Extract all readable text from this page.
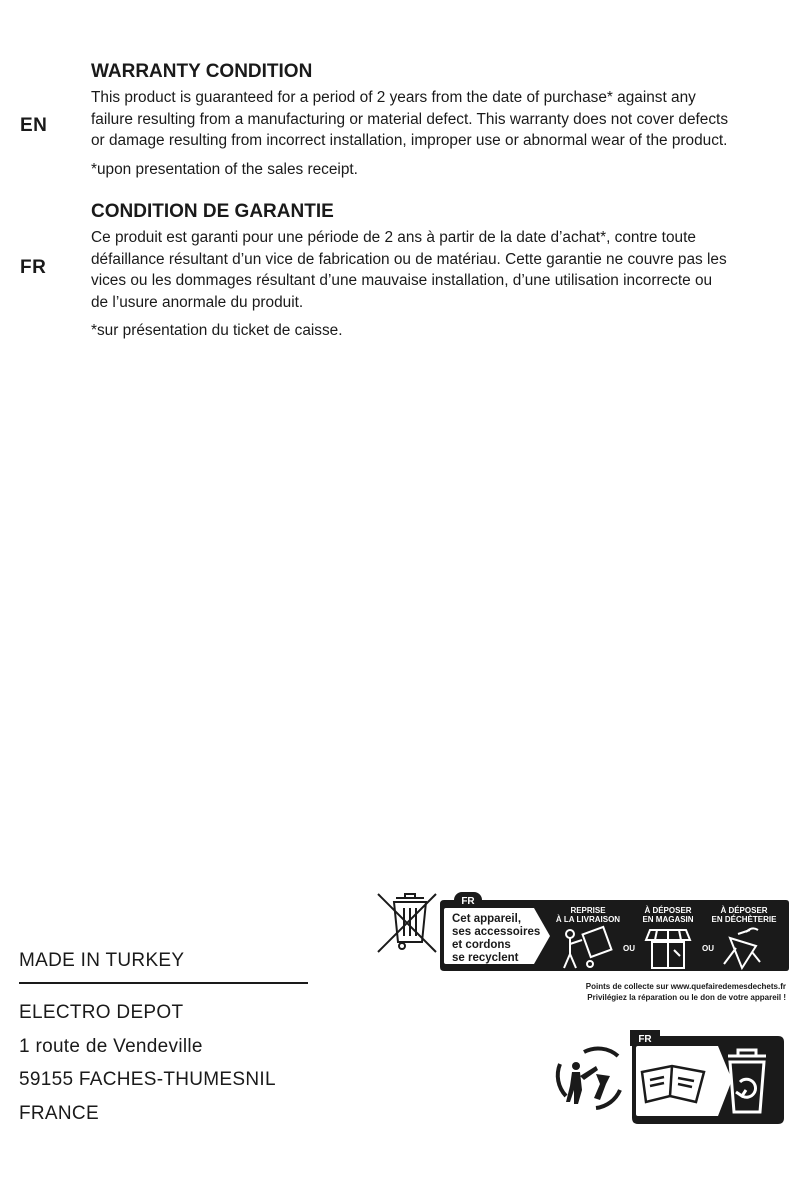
EN
WARRANTY CONDITION

This product is guaranteed for a period of 2 years from the date of purchase* against any failure resulting from a manufacturing or material defect. This warranty does not cover defects or damage resulting from incorrect installation, improper use or abnormal wear of the product.

*upon presentation of the sales receipt.

FR
CONDITION DE GARANTIE

Ce produit est garanti pour une période de 2 ans à partir de la date d’achat*, contre toute défaillance résultant d’un vice de fabrication ou de matériau. Cette garantie ne couvre pas les vices ou les dommages résultant d’une mauvaise installation, d’une utilisation incorrecte ou de l’usure anormale du produit.

*sur présentation du ticket de caisse.

MADE IN TURKEY
ELECTRO DEPOT
1 route de Vendeville
59155 FACHES-THUMESNIL
FRANCE
FR
Cet appareil,
ses accessoires
et cordons
se recyclent
REPRISE
À LA LIVRAISON
À DÉPOSER
EN MAGASIN
À DÉPOSER
EN DÉCHÈTERIE
OU	OU
Points de collecte sur www.quefairedemesdechets.fr
Privilégiez la réparation ou le don de votre appareil !
FR
